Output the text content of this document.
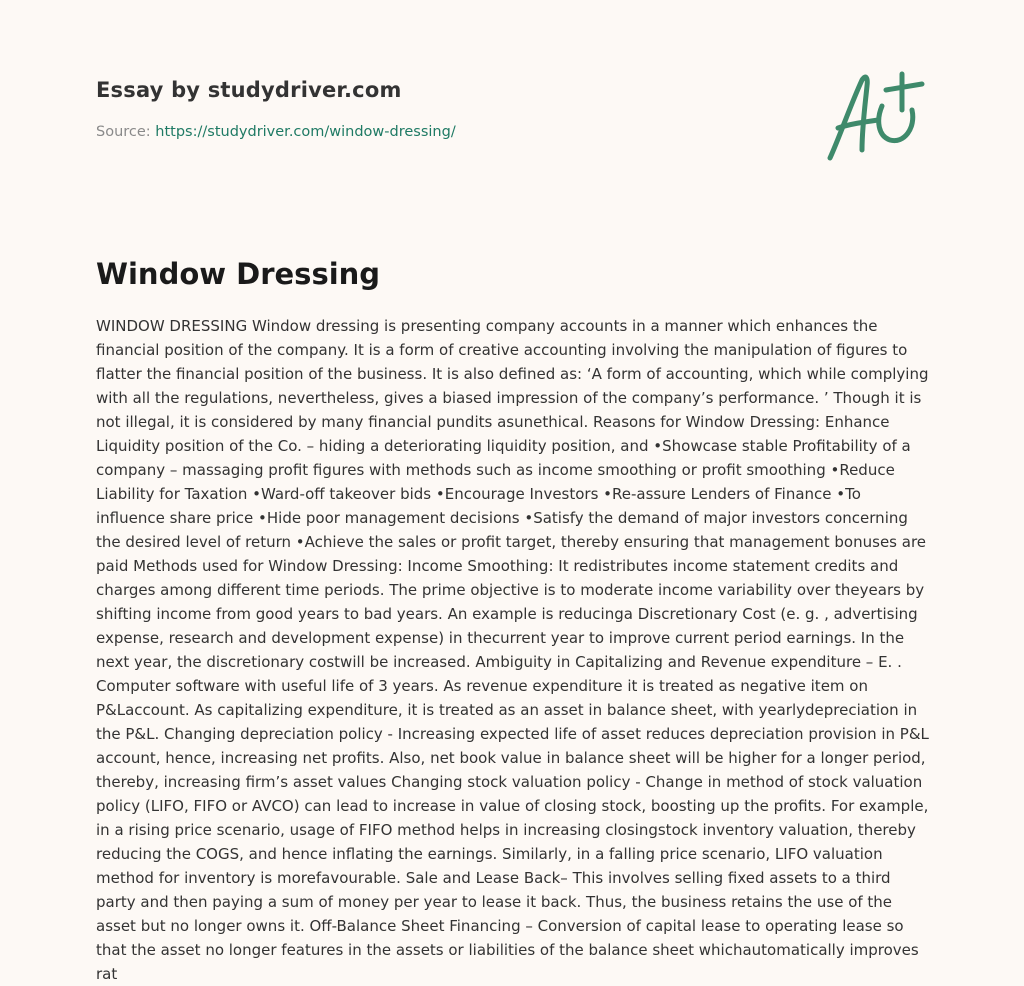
Essay by studydriver.com
Source: https://studydriver.com/window-dressing/
Window Dressing

WINDOW DRESSING Window dressing is presenting company accounts in a manner which enhances the financial position of the company. It is a form of creative accounting involving the manipulation of figures to flatter the financial position of the business. It is also defined as: ‘A form of accounting, which while complying with all the regulations, nevertheless, gives a biased impression of the company’s performance. ’ Though it is not illegal, it is considered by many financial pundits asunethical. Reasons for Window Dressing: Enhance Liquidity position of the Co. – hiding a deteriorating liquidity position, and •Showcase stable Profitability of a company – massaging profit figures with methods such as income smoothing or profit smoothing •Reduce Liability for Taxation •Ward-off takeover bids •Encourage Investors •Re-assure Lenders of Finance •To influence share price •Hide poor management decisions •Satisfy the demand of major investors concerning the desired level of return •Achieve the sales or profit target, thereby ensuring that management bonuses are paid Methods used for Window Dressing: Income Smoothing: It redistributes income statement credits and charges among different time periods. The prime objective is to moderate income variability over theyears by shifting income from good years to bad years. An example is reducinga Discretionary Cost (e. g. , advertising expense, research and development expense) in thecurrent year to improve current period earnings. In the next year, the discretionary costwill be increased. Ambiguity in Capitalizing and Revenue expenditure – E. . Computer software with useful life of 3 years. As revenue expenditure it is treated as negative item on P&Laccount. As capitalizing expenditure, it is treated as an asset in balance sheet, with yearlydepreciation in the P&L. Changing depreciation policy - Increasing expected life of asset reduces depreciation provision in P&L account, hence, increasing net profits. Also, net book value in balance sheet will be higher for a longer period, thereby, increasing firm’s asset values Changing stock valuation policy - Change in method of stock valuation policy (LIFO, FIFO or AVCO) can lead to increase in value of closing stock, boosting up the profits. For example, in a rising price scenario, usage of FIFO method helps in increasing closingstock inventory valuation, thereby reducing the COGS, and hence inflating the earnings. Similarly, in a falling price scenario, LIFO valuation method for inventory is morefavourable. Sale and Lease Back– This involves selling fixed assets to a third party and then paying a sum of money per year to lease it back. Thus, the business retains the use of the asset but no longer owns it. Off-Balance Sheet Financing – Conversion of capital lease to operating lease so that the asset no longer features in the assets or liabilities of the balance sheet whichautomatically improves rat
